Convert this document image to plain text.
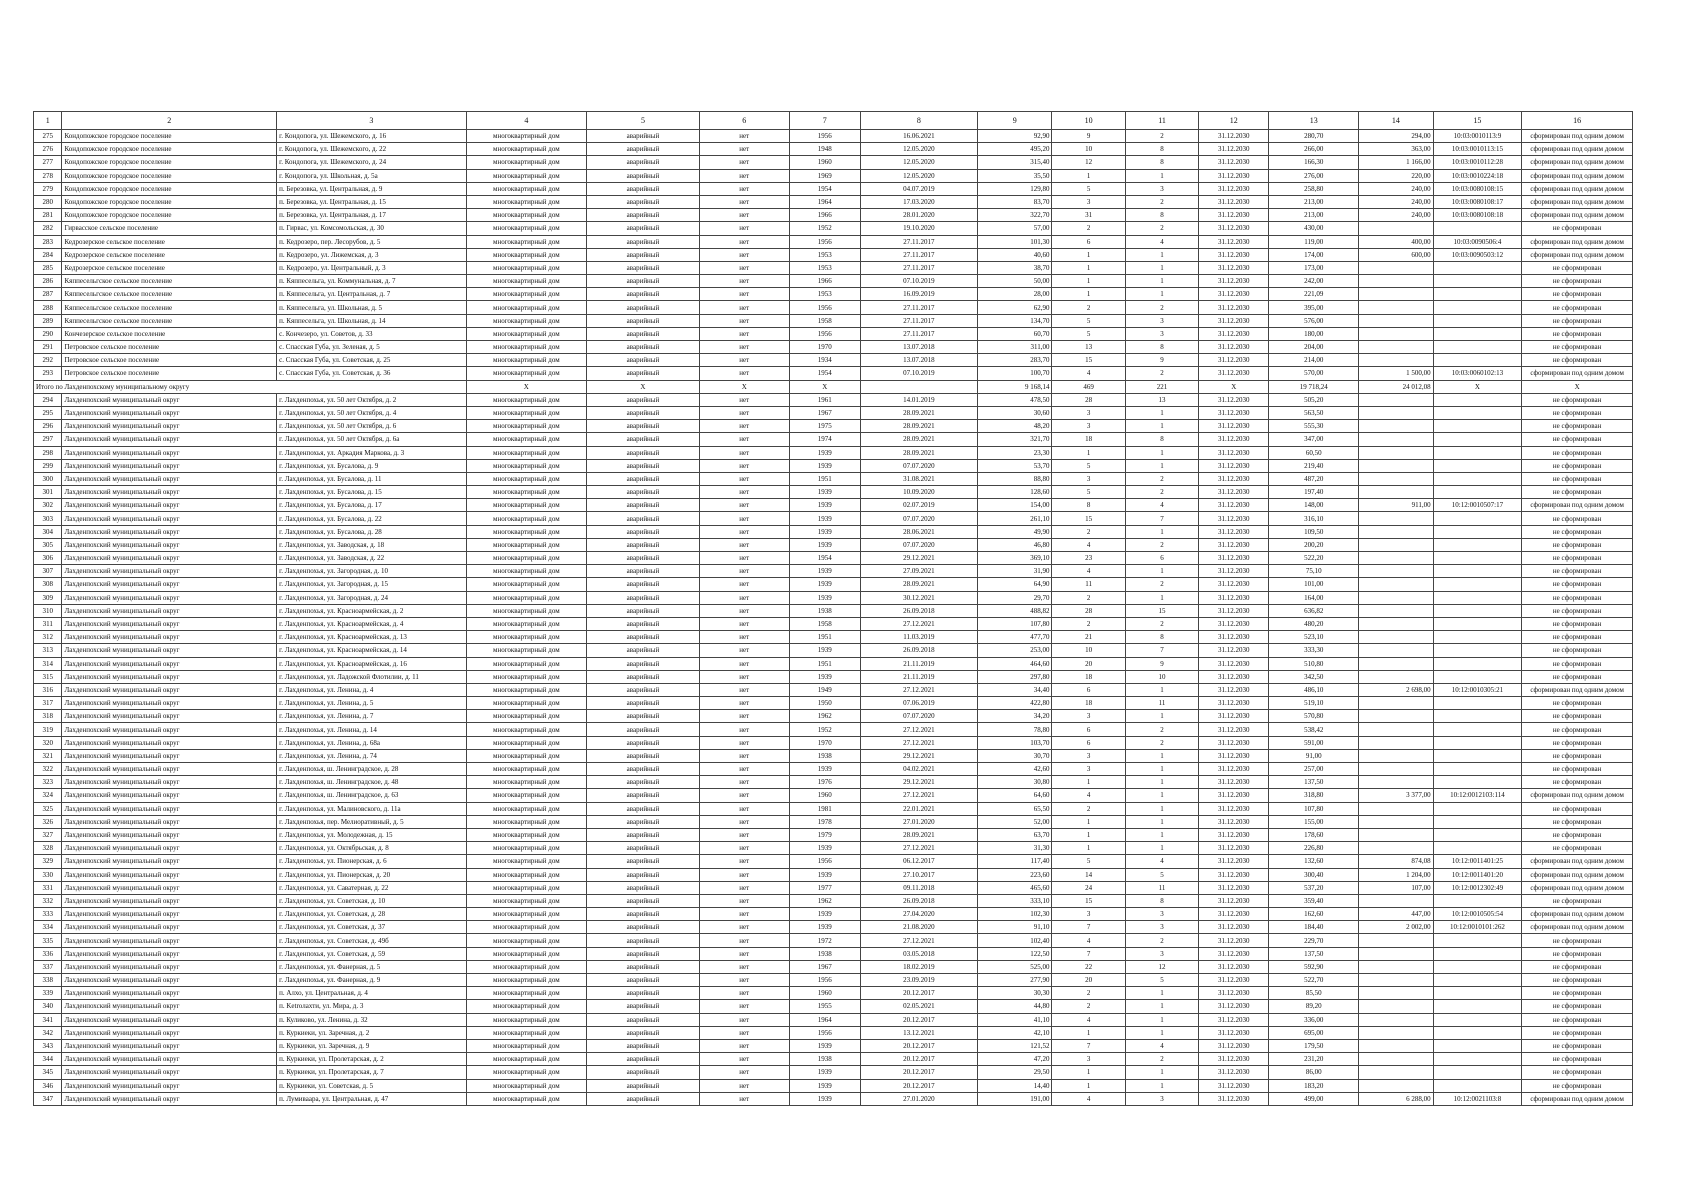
1	2	3	4	5	6	7	8	9	10	11	12	13	14	15	16
275	Кондопожское городское поселение	г. Кондопога, ул. Шежемского, д. 16	многоквартирный дом	аварийный	нет	1956	16.06.2021	92,90	9	2	31.12.2030	280,70	294,00	10:03:0010113:9	сформирован под одним домом
276	Кондопожское городское поселение	г. Кондопога, ул. Шежемского, д. 22	многоквартирный дом	аварийный	нет	1948	12.05.2020	495,20	10	8	31.12.2030	266,00	363,00	10:03:0010113:15	сформирован под одним домом
277	Кондопожское городское поселение	г. Кондопога, ул. Шежемского, д. 24	многоквартирный дом	аварийный	нет	1960	12.05.2020	315,40	12	8	31.12.2030	166,30	1 166,00	10:03:0010112:28	сформирован под одним домом
278	Кондопожское городское поселение	г. Кондопога, ул. Школьная, д. 5а	многоквартирный дом	аварийный	нет	1969	12.05.2020	35,50	1	1	31.12.2030	276,00	220,00	10:03:0010224:18	сформирован под одним домом
279	Кондопожское городское поселение	п. Березовка, ул. Центральная, д. 9	многоквартирный дом	аварийный	нет	1954	04.07.2019	129,80	5	3	31.12.2030	258,80	240,00	10:03:0080108:15	сформирован под одним домом
280	Кондопожское городское поселение	п. Березовка, ул. Центральная, д. 15	многоквартирный дом	аварийный	нет	1964	17.03.2020	83,70	3	2	31.12.2030	213,00	240,00	10:03:0080108:17	сформирован под одним домом
281	Кондопожское городское поселение	п. Березовка, ул. Центральная, д. 17	многоквартирный дом	аварийный	нет	1966	28.01.2020	322,70	31	8	31.12.2030	213,00	240,00	10:03:0080108:18	сформирован под одним домом
282	Гирвасское сельское поселение	п. Гирвас, ул. Комсомольская, д. 30	многоквартирный дом	аварийный	нет	1952	19.10.2020	57,00	2	2	31.12.2030	430,00			не сформирован
283	Кедрозерское сельское поселение	п. Кедрозеро, пер. Лесорубов, д. 5	многоквартирный дом	аварийный	нет	1956	27.11.2017	101,30	6	4	31.12.2030	119,00	400,00	10:03:0090506:4	сформирован под одним домом
284	Кедрозерское сельское поселение	п. Кедрозеро, ул. Лижемская, д. 3	многоквартирный дом	аварийный	нет	1953	27.11.2017	40,60	1	1	31.12.2030	174,00	600,00	10:03:0090503:12	сформирован под одним домом
285	Кедрозерское сельское поселение	п. Кедрозеро, ул. Центральный, д. 3	многоквартирный дом	аварийный	нет	1953	27.11.2017	38,70	1	1	31.12.2030	173,00			не сформирован
286	Кяппесельгское сельское поселение	п. Кяппесельга, ул. Коммунальная, д. 7	многоквартирный дом	аварийный	нет	1966	07.10.2019	50,00	1	1	31.12.2030	242,00			не сформирован
287	Кяппесельгское сельское поселение	п. Кяппесельга, ул. Центральная, д. 7	многоквартирный дом	аварийный	нет	1953	16.09.2019	28,00	1	1	31.12.2030	221,09			не сформирован
288	Кяппесельгское сельское поселение	п. Кяппесельга, ул. Школьная, д. 5	многоквартирный дом	аварийный	нет	1956	27.11.2017	62,90	2	2	31.12.2030	395,00			не сформирован
289	Кяппесельгское сельское поселение	п. Кяппесельга, ул. Школьная, д. 14	многоквартирный дом	аварийный	нет	1958	27.11.2017	134,70	5	3	31.12.2030	576,00			не сформирован
290	Кончезерское сельское поселение	с. Кончезеро, ул. Советов, д. 33	многоквартирный дом	аварийный	нет	1956	27.11.2017	60,70	5	3	31.12.2030	180,00			не сформирован
291	Петровское сельское поселение	с. Спасская Губа, ул. Зеленая, д. 5	многоквартирный дом	аварийный	нет	1970	13.07.2018	311,00	13	8	31.12.2030	204,00			не сформирован
292	Петровское сельское поселение	с. Спасская Губа, ул. Советская, д. 25	многоквартирный дом	аварийный	нет	1934	13.07.2018	283,70	15	9	31.12.2030	214,00			не сформирован
293	Петровское сельское поселение	с. Спасская Губа, ул. Советская, д. 36	многоквартирный дом	аварийный	нет	1954	07.10.2019	100,70	4	2	31.12.2030	570,00	1 500,00	10:03:0060102:13	сформирован под одним домом
Итого по Лахденпохскому муниципальному округу			X	X	X	X		9 168,14	469	221	X	19 718,24	24 012,08	X	X
294	Лахденпохский муниципальный округ	г. Лахденпохья, ул. 50 лет Октября, д. 2	многоквартирный дом	аварийный	нет	1961	14.01.2019	478,50	28	13	31.12.2030	505,20			не сформирован
295	Лахденпохский муниципальный округ	г. Лахденпохья, ул. 50 лет Октября, д. 4	многоквартирный дом	аварийный	нет	1967	28.09.2021	30,60	3	1	31.12.2030	563,50			не сформирован
296	Лахденпохский муниципальный округ	г. Лахденпохья, ул. 50 лет Октября, д. 6	многоквартирный дом	аварийный	нет	1975	28.09.2021	48,20	3	1	31.12.2030	555,30			не сформирован
297	Лахденпохский муниципальный округ	г. Лахденпохья, ул. 50 лет Октября, д. 6а	многоквартирный дом	аварийный	нет	1974	28.09.2021	321,70	18	8	31.12.2030	347,00			не сформирован
298	Лахденпохский муниципальный округ	г. Лахденпохья, ул. Аркадия Маркова, д. 3	многоквартирный дом	аварийный	нет	1939	28.09.2021	23,30	1	1	31.12.2030	60,50			не сформирован
299	Лахденпохский муниципальный округ	г. Лахденпохья, ул. Бусалова, д. 9	многоквартирный дом	аварийный	нет	1939	07.07.2020	53,70	5	1	31.12.2030	219,40			не сформирован
300	Лахденпохский муниципальный округ	г. Лахденпохья, ул. Бусалова, д. 11	многоквартирный дом	аварийный	нет	1951	31.08.2021	88,80	3	2	31.12.2030	487,20			не сформирован
301	Лахденпохский муниципальный округ	г. Лахденпохья, ул. Бусалова, д. 15	многоквартирный дом	аварийный	нет	1939	10.09.2020	128,60	5	2	31.12.2030	197,40			не сформирован
302	Лахденпохский муниципальный округ	г. Лахденпохья, ул. Бусалова, д. 17	многоквартирный дом	аварийный	нет	1939	02.07.2019	154,00	8	4	31.12.2030	148,00	911,00	10:12:0010507:17	сформирован под одним домом
303	Лахденпохский муниципальный округ	г. Лахденпохья, ул. Бусалова, д. 22	многоквартирный дом	аварийный	нет	1939	07.07.2020	261,10	15	7	31.12.2030	316,10			не сформирован
304	Лахденпохский муниципальный округ	г. Лахденпохья, ул. Бусалова, д. 28	многоквартирный дом	аварийный	нет	1939	28.06.2021	49,90	2	1	31.12.2030	109,50			не сформирован
305	Лахденпохский муниципальный округ	г. Лахденпохья, ул. Заводская, д. 18	многоквартирный дом	аварийный	нет	1939	07.07.2020	46,80	4	2	31.12.2030	200,20			не сформирован
306	Лахденпохский муниципальный округ	г. Лахденпохья, ул. Заводская, д. 22	многоквартирный дом	аварийный	нет	1954	29.12.2021	369,10	23	6	31.12.2030	522,20			не сформирован
307	Лахденпохский муниципальный округ	г. Лахденпохья, ул. Загородная, д. 10	многоквартирный дом	аварийный	нет	1939	27.09.2021	31,90	4	1	31.12.2030	75,10			не сформирован
308	Лахденпохский муниципальный округ	г. Лахденпохья, ул. Загородная, д. 15	многоквартирный дом	аварийный	нет	1939	28.09.2021	64,90	11	2	31.12.2030	101,00			не сформирован
309	Лахденпохский муниципальный округ	г. Лахденпохья, ул. Загородная, д. 24	многоквартирный дом	аварийный	нет	1939	30.12.2021	29,70	2	1	31.12.2030	164,00			не сформирован
310	Лахденпохский муниципальный округ	г. Лахденпохья, ул. Красноармейская, д. 2	многоквартирный дом	аварийный	нет	1938	26.09.2018	488,82	28	15	31.12.2030	636,82			не сформирован
311	Лахденпохский муниципальный округ	г. Лахденпохья, ул. Красноармейская, д. 4	многоквартирный дом	аварийный	нет	1958	27.12.2021	107,80	2	2	31.12.2030	480,20			не сформирован
312	Лахденпохский муниципальный округ	г. Лахденпохья, ул. Красноармейская, д. 13	многоквартирный дом	аварийный	нет	1951	11.03.2019	477,70	21	8	31.12.2030	523,10			не сформирован
313	Лахденпохский муниципальный округ	г. Лахденпохья, ул. Красноармейская, д. 14	многоквартирный дом	аварийный	нет	1939	26.09.2018	253,00	10	7	31.12.2030	333,30			не сформирован
314	Лахденпохский муниципальный округ	г. Лахденпохья, ул. Красноармейская, д. 16	многоквартирный дом	аварийный	нет	1951	21.11.2019	464,60	20	9	31.12.2030	510,80			не сформирован
315	Лахденпохский муниципальный округ	г. Лахденпохья, ул. Ладожской Флотилии, д. 11	многоквартирный дом	аварийный	нет	1939	21.11.2019	297,80	18	10	31.12.2030	342,50			не сформирован
316	Лахденпохский муниципальный округ	г. Лахденпохья, ул. Ленина, д. 4	многоквартирный дом	аварийный	нет	1949	27.12.2021	34,40	6	1	31.12.2030	486,10	2 698,00	10:12:0010305:21	сформирован под одним домом
317	Лахденпохский муниципальный округ	г. Лахденпохья, ул. Ленина, д. 5	многоквартирный дом	аварийный	нет	1950	07.06.2019	422,80	18	11	31.12.2030	519,10			не сформирован
318	Лахденпохский муниципальный округ	г. Лахденпохья, ул. Ленина, д. 7	многоквартирный дом	аварийный	нет	1962	07.07.2020	34,20	3	1	31.12.2030	570,80			не сформирован
319	Лахденпохский муниципальный округ	г. Лахденпохья, ул. Ленина, д. 14	многоквартирный дом	аварийный	нет	1952	27.12.2021	78,80	6	2	31.12.2030	538,42			не сформирован
320	Лахденпохский муниципальный округ	г. Лахденпохья, ул. Ленина, д. 68а	многоквартирный дом	аварийный	нет	1970	27.12.2021	103,70	6	2	31.12.2030	591,00			не сформирован
321	Лахденпохский муниципальный округ	г. Лахденпохья, ул. Ленина, д. 74	многоквартирный дом	аварийный	нет	1938	29.12.2021	30,70	3	1	31.12.2030	91,00			не сформирован
322	Лахденпохский муниципальный округ	г. Лахденпохья, ш. Ленинградское, д. 28	многоквартирный дом	аварийный	нет	1939	04.02.2021	42,60	3	1	31.12.2030	257,00			не сформирован
323	Лахденпохский муниципальный округ	г. Лахденпохья, ш. Ленинградское, д. 48	многоквартирный дом	аварийный	нет	1976	29.12.2021	30,80	1	1	31.12.2030	137,50			не сформирован
324	Лахденпохский муниципальный округ	г. Лахденпохья, ш. Ленинградское, д. 63	многоквартирный дом	аварийный	нет	1960	27.12.2021	64,60	4	1	31.12.2030	318,80	3 377,00	10:12:0012103:114	сформирован под одним домом
325	Лахденпохский муниципальный округ	г. Лахденпохья, ул. Малиновского, д. 11а	многоквартирный дом	аварийный	нет	1981	22.01.2021	65,50	2	1	31.12.2030	107,80			не сформирован
326	Лахденпохский муниципальный округ	г. Лахденпохья, пер. Мелиоративный, д. 5	многоквартирный дом	аварийный	нет	1978	27.01.2020	52,00	1	1	31.12.2030	155,00			не сформирован
327	Лахденпохский муниципальный округ	г. Лахденпохья, ул. Молодежная, д. 15	многоквартирный дом	аварийный	нет	1979	28.09.2021	63,70	1	1	31.12.2030	178,60			не сформирован
328	Лахденпохский муниципальный округ	г. Лахденпохья, ул. Октябрьская, д. 8	многоквартирный дом	аварийный	нет	1939	27.12.2021	31,30	1	1	31.12.2030	226,80			не сформирован
329	Лахденпохский муниципальный округ	г. Лахденпохья, ул. Пионерская, д. 6	многоквартирный дом	аварийный	нет	1956	06.12.2017	117,40	5	4	31.12.2030	132,60	874,08	10:12:0011401:25	сформирован под одним домом
330	Лахденпохский муниципальный округ	г. Лахденпохья, ул. Пионерская, д. 20	многоквартирный дом	аварийный	нет	1939	27.10.2017	223,60	14	5	31.12.2030	300,40	1 204,00	10:12:0011401:20	сформирован под одним домом
331	Лахденпохский муниципальный округ	г. Лахденпохья, ул. Саватерная, д. 22	многоквартирный дом	аварийный	нет	1977	09.11.2018	465,60	24	11	31.12.2030	537,20	107,00	10:12:0012302:49	сформирован под одним домом
332	Лахденпохский муниципальный округ	г. Лахденпохья, ул. Советская, д. 10	многоквартирный дом	аварийный	нет	1962	26.09.2018	333,10	15	8	31.12.2030	359,40			не сформирован
333	Лахденпохский муниципальный округ	г. Лахденпохья, ул. Советская, д. 28	многоквартирный дом	аварийный	нет	1939	27.04.2020	102,30	3	3	31.12.2030	162,60	447,00	10:12:0010505:54	сформирован под одним домом
334	Лахденпохский муниципальный округ	г. Лахденпохья, ул. Советская, д. 37	многоквартирный дом	аварийный	нет	1939	21.08.2020	91,10	7	3	31.12.2030	184,40	2 002,00	10:12:0010101:262	сформирован под одним домом
335	Лахденпохский муниципальный округ	г. Лахденпохья, ул. Советская, д. 49б	многоквартирный дом	аварийный	нет	1972	27.12.2021	102,40	4	2	31.12.2030	229,70			не сформирован
336	Лахденпохский муниципальный округ	г. Лахденпохья, ул. Советская, д. 59	многоквартирный дом	аварийный	нет	1938	03.05.2018	122,50	7	3	31.12.2030	137,50			не сформирован
337	Лахденпохский муниципальный округ	г. Лахденпохья, ул. Фанерная, д. 5	многоквартирный дом	аварийный	нет	1967	18.02.2019	525,00	22	12	31.12.2030	592,90			не сформирован
338	Лахденпохский муниципальный округ	г. Лахденпохья, ул. Фанерная, д. 9	многоквартирный дом	аварийный	нет	1956	23.09.2019	277,90	20	5	31.12.2030	522,70			не сформирован
339	Лахденпохский муниципальный округ	п. Алхо, ул. Центральная, д. 4	многоквартирный дом	аварийный	нет	1960	20.12.2017	30,30	2	1	31.12.2030	85,50			не сформирован
340	Лахденпохский муниципальный округ	п. Ketroлахти, ул. Мира, д. 3	многоквартирный дом	аварийный	нет	1955	02.05.2021	44,80	2	1	31.12.2030	89,20			не сформирован
341	Лахденпохский муниципальный округ	п. Куликово, ул. Ленина, д. 32	многоквартирный дом	аварийный	нет	1964	20.12.2017	41,10	4	1	31.12.2030	336,00			не сформирован
342	Лахденпохский муниципальный округ	п. Куркиеки, ул. Заречная, д. 2	многоквартирный дом	аварийный	нет	1956	13.12.2021	42,10	1	1	31.12.2030	695,00			не сформирован
343	Лахденпохский муниципальный округ	п. Куркиеки, ул. Заречная, д. 9	многоквартирный дом	аварийный	нет	1939	20.12.2017	121,52	7	4	31.12.2030	179,50			не сформирован
344	Лахденпохский муниципальный округ	п. Куркиеки, ул. Пролетарская, д. 2	многоквартирный дом	аварийный	нет	1938	20.12.2017	47,20	3	2	31.12.2030	231,20			не сформирован
345	Лахденпохский муниципальный округ	п. Куркиеки, ул. Пролетарская, д. 7	многоквартирный дом	аварийный	нет	1939	20.12.2017	29,50	1	1	31.12.2030	86,00			не сформирован
346	Лахденпохский муниципальный округ	п. Куркиеки, ул. Советская, д. 5	многоквартирный дом	аварийный	нет	1939	20.12.2017	14,40	1	1	31.12.2030	183,20			не сформирован
347	Лахденпохский муниципальный округ	п. Лумиваара, ул. Центральная, д. 47	многоквартирный дом	аварийный	нет	1939	27.01.2020	191,00	4	3	31.12.2030	499,00	6 288,00	10:12:0021103:8	сформирован под одним домом
